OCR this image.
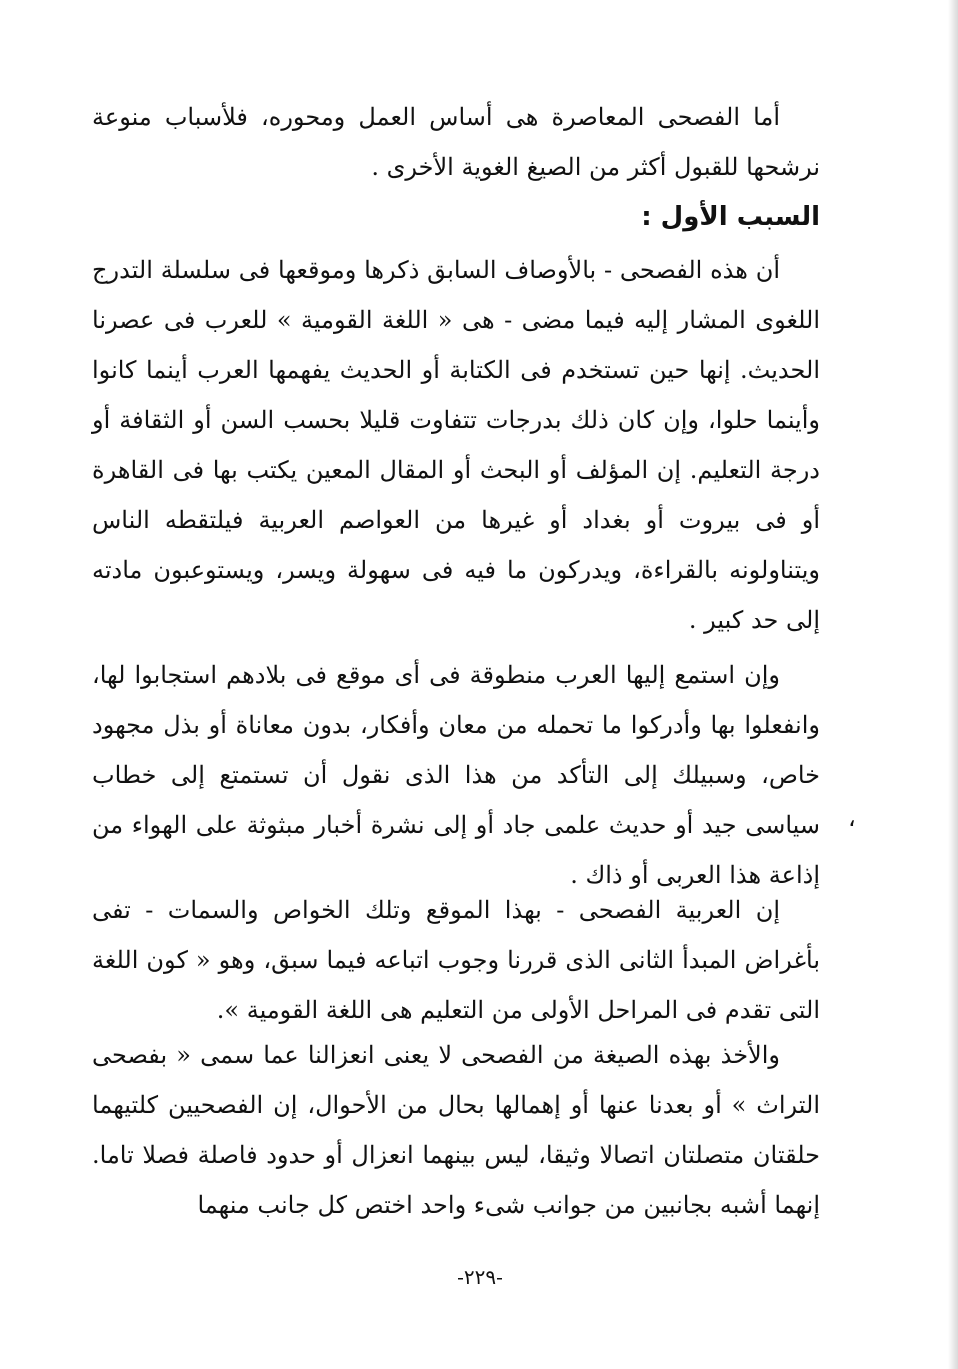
أما الفصحى المعاصرة هى أساس العمل ومحوره، فلأسباب منوعة نرشحها للقبول أكثر من الصيغ الغوية الأخرى .

السبب الأول :

أن هذه الفصحى - بالأوصاف السابق ذكرها وموقعها فى سلسلة التدرج اللغوى المشار إليه فيما مضى - هى « اللغة القومية » للعرب فى عصرنا الحديث. إنها حين تستخدم فى الكتابة أو الحديث يفهمها العرب أينما كانوا وأينما حلوا، وإن كان ذلك بدرجات تتفاوت قليلا بحسب السن أو الثقافة أو درجة التعليم. إن المؤلف أو البحث أو المقال المعين يكتب بها فى القاهرة أو فى بيروت أو بغداد أو غيرها من العواصم العربية فيلتقطه الناس ويتناولونه بالقراءة، ويدركون ما فيه فى سهولة ويسر، ويستوعبون مادته إلى حد كبير .

وإن استمع إليها العرب منطوقة فى أى موقع فى بلادهم استجابوا لها، وانفعلوا بها وأدركوا ما تحمله من معان وأفكار، بدون معاناة أو بذل مجهود خاص، وسبيلك إلى التأكد من هذا الذى نقول أن تستمتع إلى خطاب سياسى جيد أو حديث علمى جاد أو إلى نشرة أخبار مبثوثة على الهواء من إذاعة هذا العربى أو ذاك .

،

إن العربية الفصحى - بهذا الموقع وتلك الخواص والسمات - تفى بأغراض المبدأ الثانى الذى قررنا وجوب اتباعه فيما سبق، وهو « كون اللغة التى تقدم فى المراحل الأولى من التعليم هى اللغة القومية ».

والأخذ بهذه الصيغة من الفصحى لا يعنى انعزالنا عما سمى « بفصحى التراث » أو بعدنا عنها أو إهمالها بحال من الأحوال، إن الفصحيين كلتيهما حلقتان متصلتان اتصالا وثيقا، ليس بينهما انعزال أو حدود فاصلة فصلا تاما. إنهما أشبه بجانبين من جوانب شىء واحد اختص كل جانب منهما

-٢٢٩-
